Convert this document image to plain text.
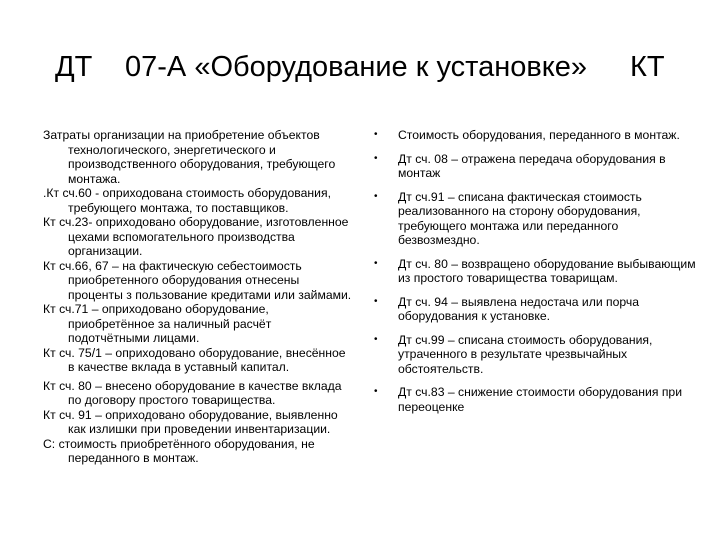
ДТ 07-А «Оборудование к установке» КТ
Затраты организации на приобретение объектов технологического, энергетического и производственного оборудования, требующего монтажа.
.Кт сч.60 - оприходована стоимость оборудования, требующего монтажа, то поставщиков.
Кт сч.23- оприходовано оборудование, изготовленное цехами вспомогательного производства организации.
Кт сч.66, 67 – на фактическую себестоимость приобретенного оборудования отнесены проценты з пользование кредитами или займами.
Кт сч.71 – оприходовано оборудование, приобретённое за наличный расчёт подотчётными лицами.
Кт сч. 75/1 – оприходовано оборудование, внесённое в качестве вклада в уставный капитал.
Кт сч. 80 – внесено оборудование в качестве вклада по договору простого товарищества.
Кт сч. 91 – оприходовано оборудование, выявленно как излишки при проведении инвентаризации.
С: стоимость приобретённого оборудования, не переданного в монтаж.
•	Стоимость оборудования, переданного в монтаж.
•	Дт сч. 08 – отражена передача оборудования в монтаж
•	Дт сч.91 – списана фактическая стоимость реализованного на сторону оборудования, требующего монтажа или переданного безвозмездно.
•	Дт сч. 80 – возвращено оборудование выбывающим из простого товарищества товарищам.
•	Дт сч. 94 – выявлена недостача или порча оборудования к установке.
•	Дт сч.99 – списана стоимость оборудования, утраченного в результате чрезвычайных обстоятельств.
•	Дт сч.83 – снижение стоимости оборудования при переоценке
